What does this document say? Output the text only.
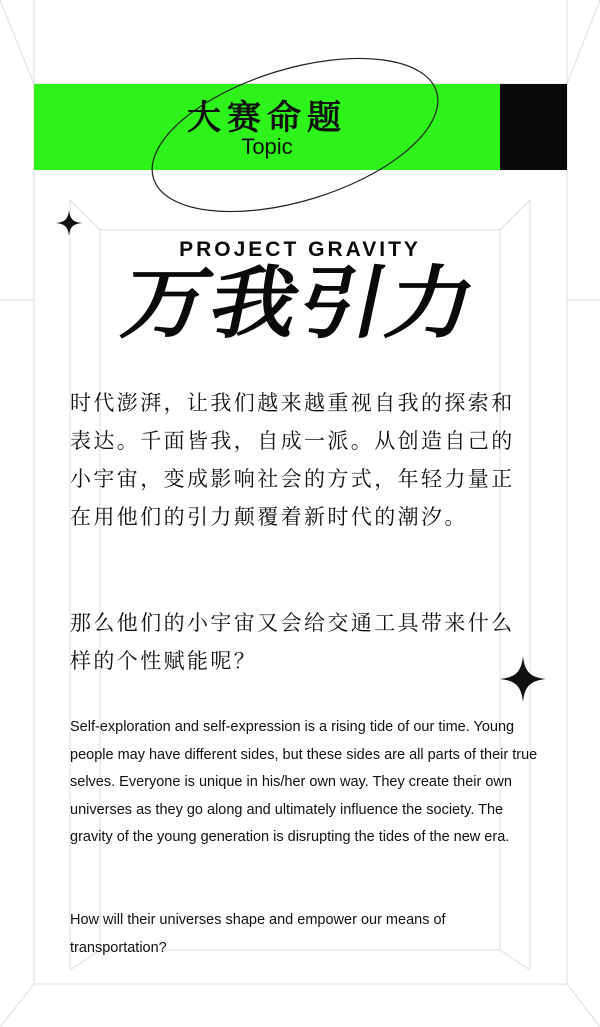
大赛命题
Topic
PROJECT GRAVITY
万我引力
时代澎湃，让我们越来越重视自我的探索和表达。千面皆我，自成一派。从创造自己的小宇宙，变成影响社会的方式，年轻力量正在用他们的引力颠覆着新时代的潮汐。
那么他们的小宇宙又会给交通工具带来什么样的个性赋能呢？
Self-exploration and self-expression is a rising tide of our time. Young people may have different sides, but these sides are all parts of their true selves. Everyone is unique in his/her own way. They create their own universes as they go along and ultimately influence the society. The gravity of the young generation is disrupting the tides of the new era.
How will their universes shape and empower our means of transportation?
